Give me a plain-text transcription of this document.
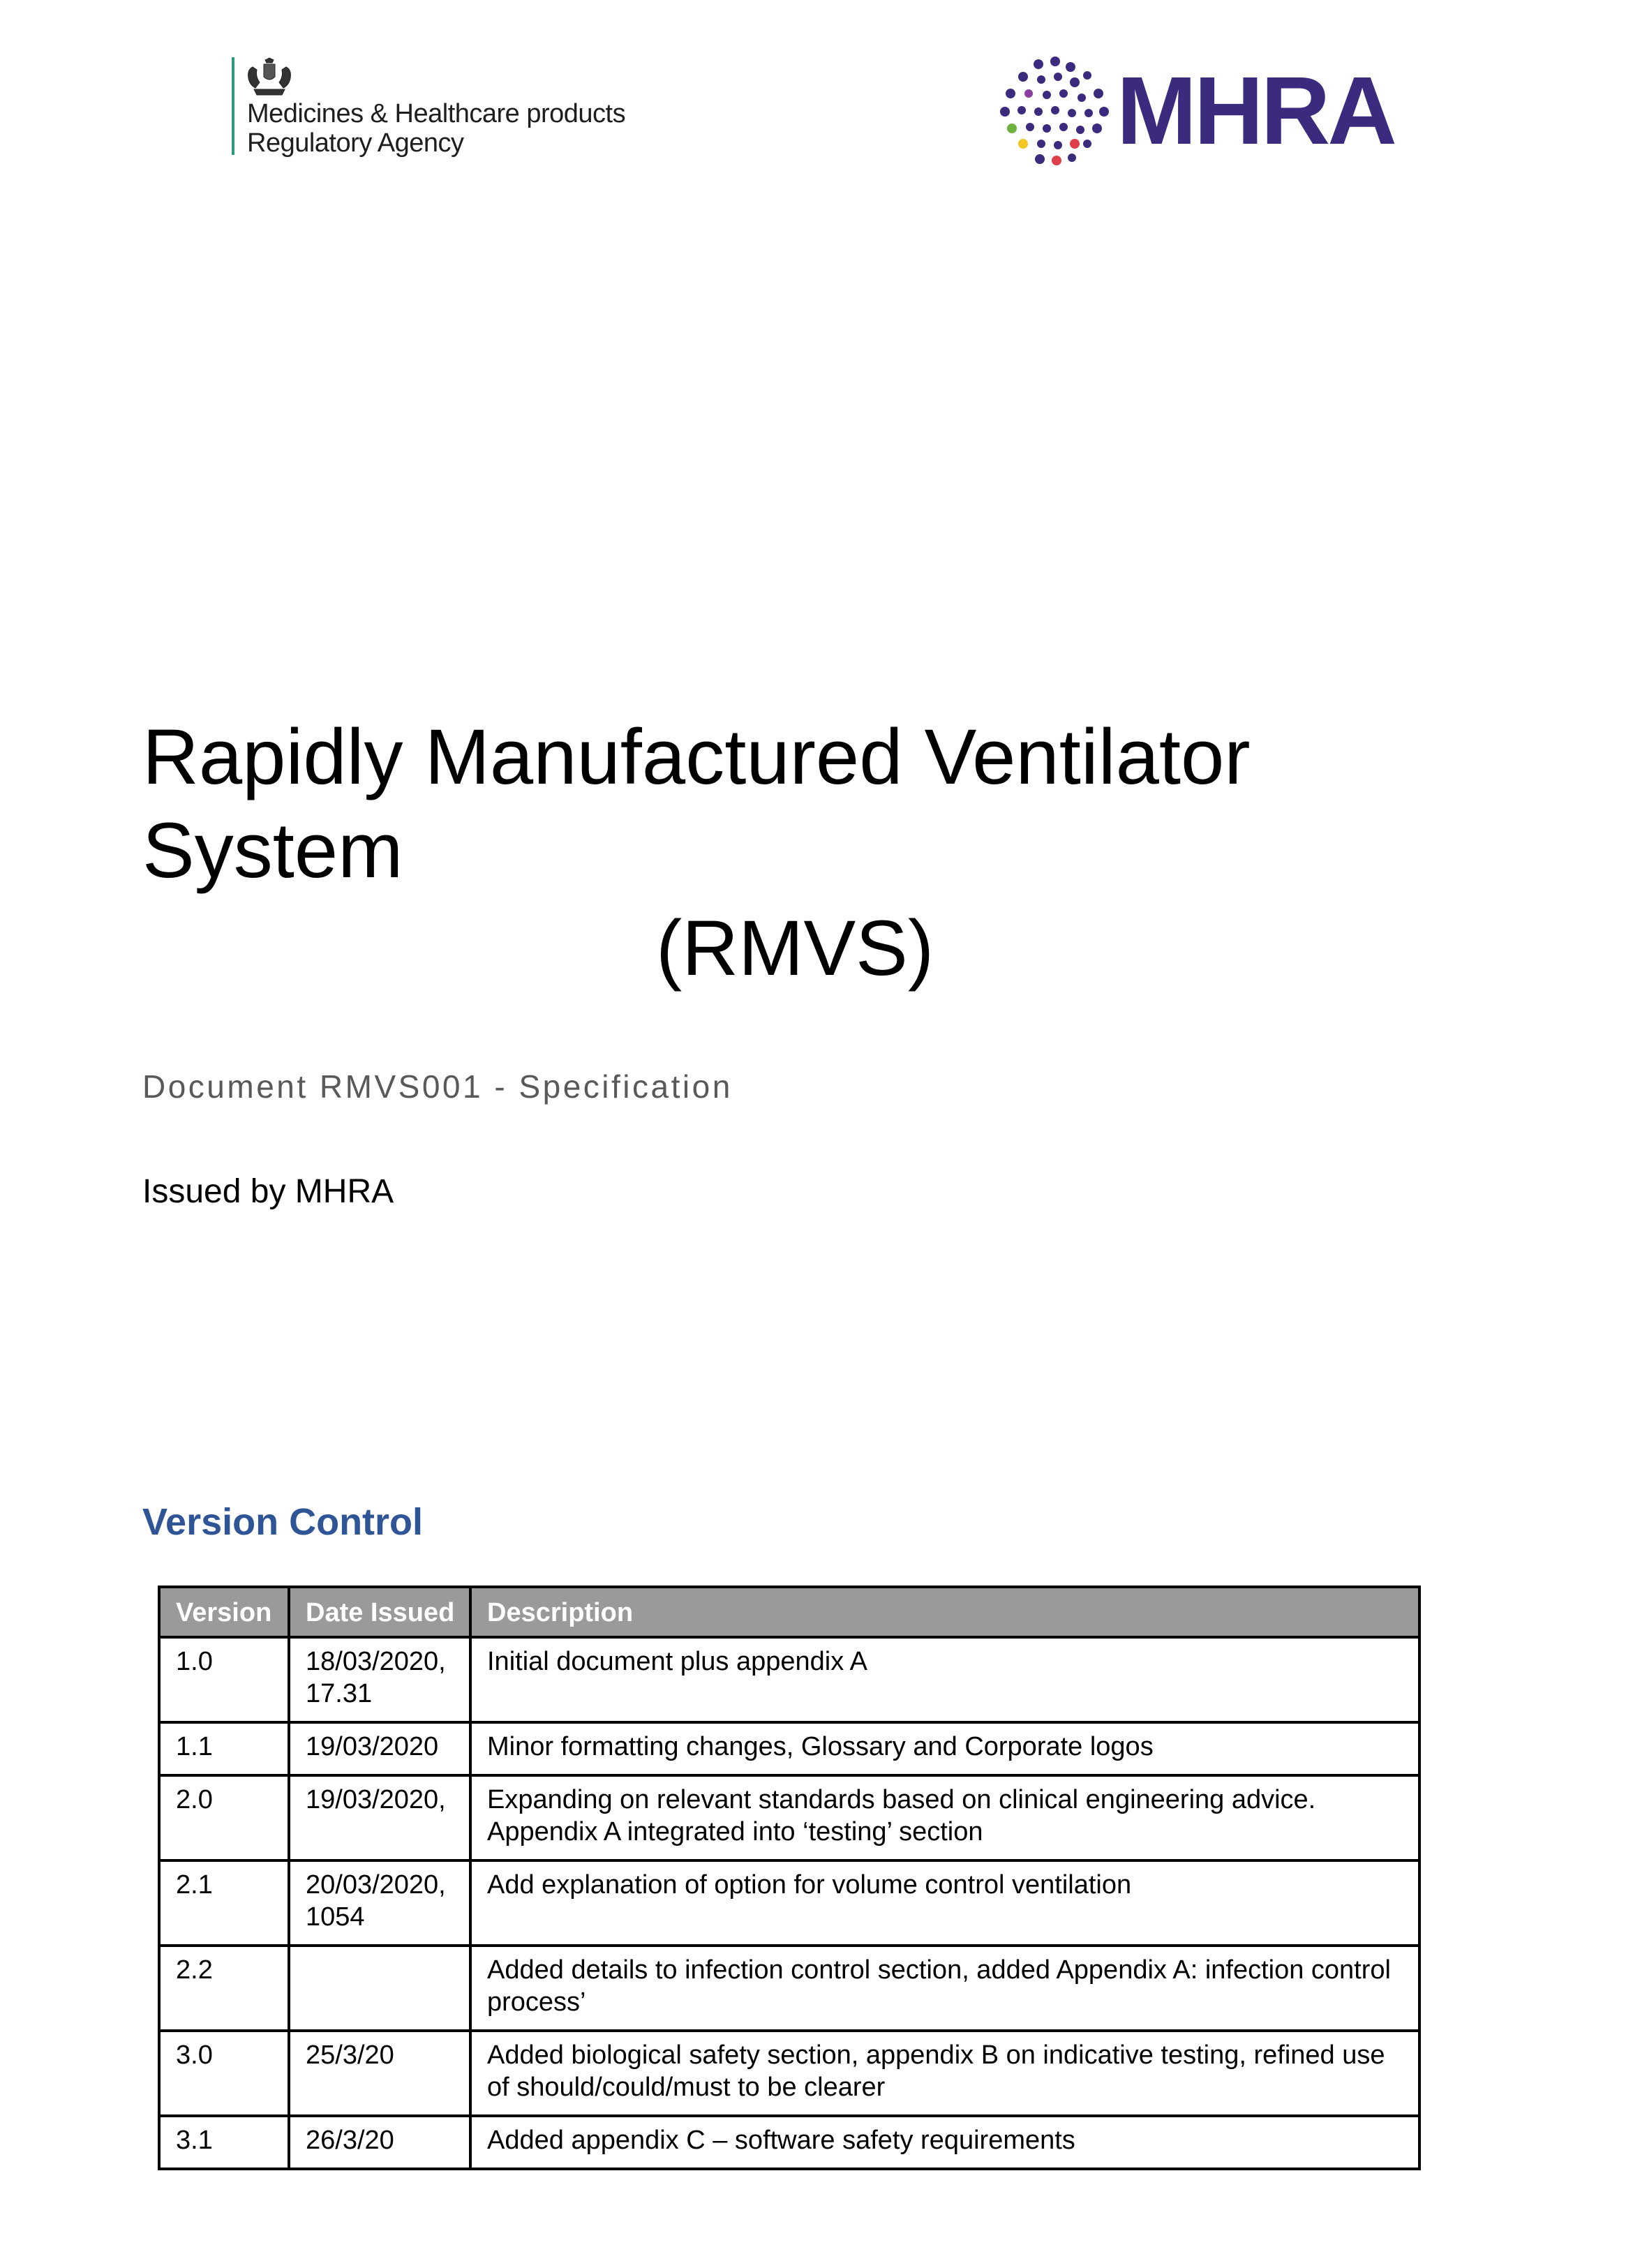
Medicines & Healthcare products
Regulatory Agency	MHRA
Rapidly Manufactured Ventilator
System
(RMVS)
Document RMVS001 - Specification
Issued by MHRA
Version Control
Version	Date Issued	Description
1.0	18/03/2020, 17.31	Initial document plus appendix A
1.1	19/03/2020	Minor formatting changes, Glossary and Corporate logos
2.0	19/03/2020,	Expanding on relevant standards based on clinical engineering advice. Appendix A integrated into ‘testing’ section
2.1	20/03/2020, 1054	Add explanation of option for volume control ventilation
2.2		Added details to infection control section, added Appendix A: infection control process’
3.0	25/3/20	Added biological safety section, appendix B on indicative testing, refined use of should/could/must to be clearer
3.1	26/3/20	Added appendix C – software safety requirements
